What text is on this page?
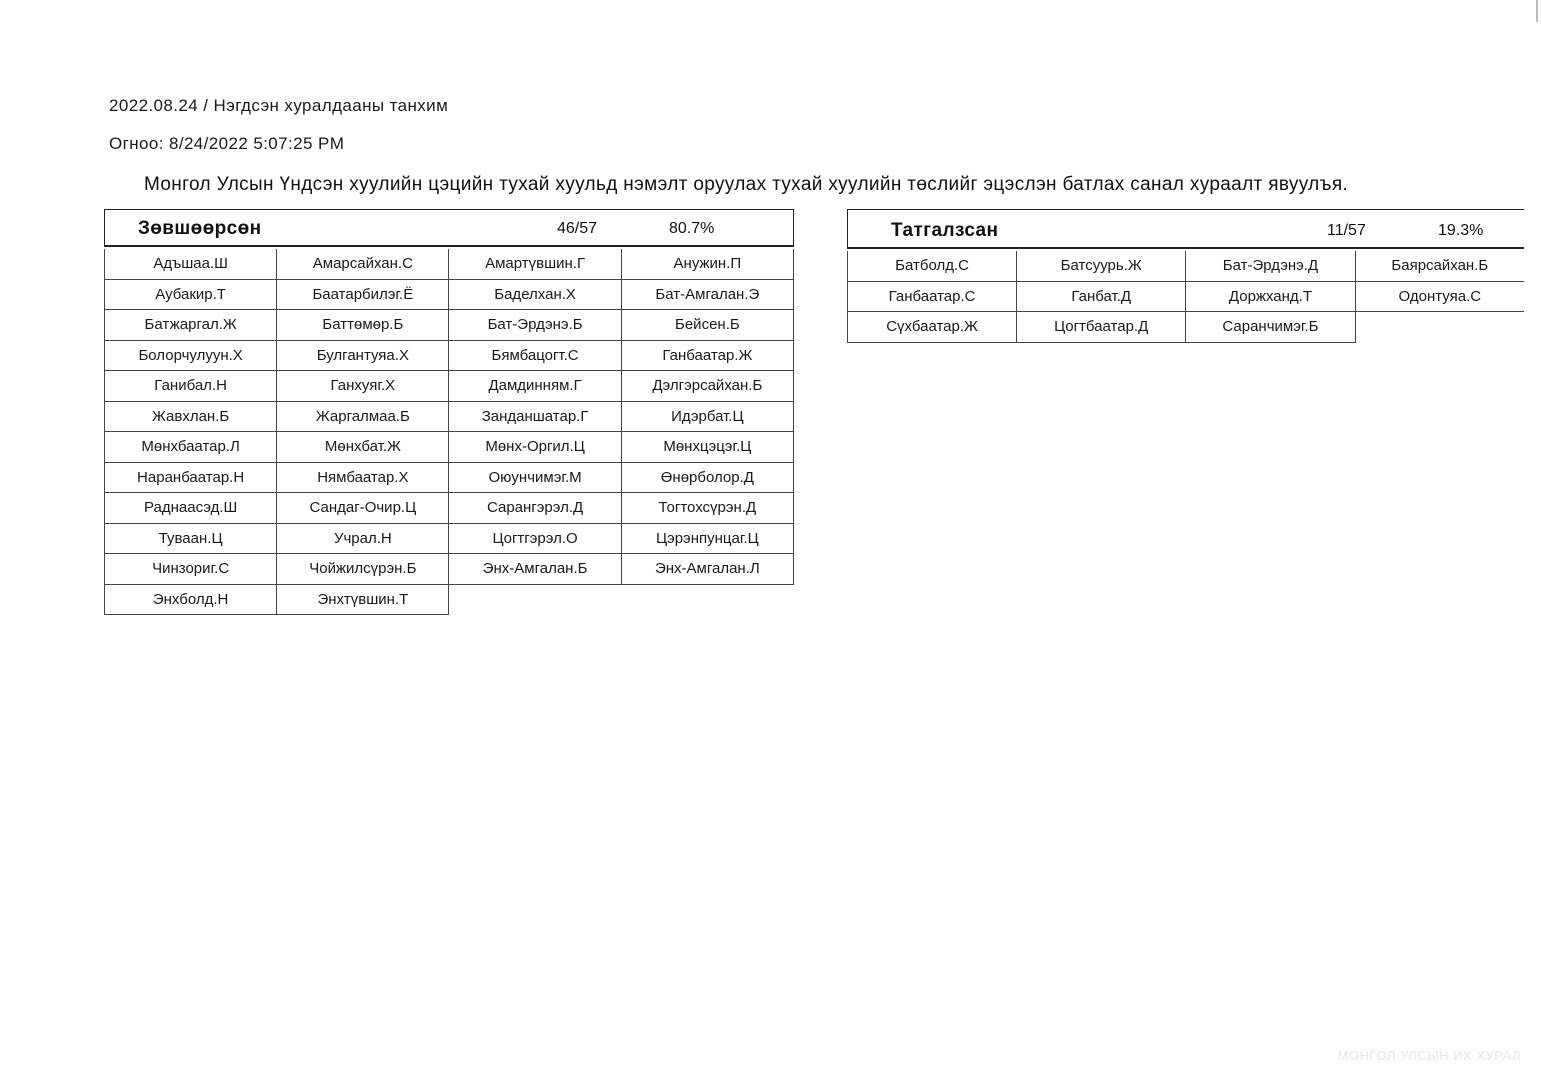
2022.08.24 / Нэгдсэн хуралдааны танхим
Огноо: 8/24/2022 5:07:25 PM
Монгол Улсын Үндсэн хуулийн цэцийн тухай хуульд нэмэлт оруулах тухай хуулийн төслийг эцэслэн батлах санал хураалт явуулъя.
Зөвшөөрсөн	46/57	80.7%
Адъшаа.Ш	Амарсайхан.С	Амартүвшин.Г	Анужин.П
Аубакир.Т	Баатарбилэг.Ё	Баделхан.Х	Бат-Амгалан.Э
Батжаргал.Ж	Баттөмөр.Б	Бат-Эрдэнэ.Б	Бейсен.Б
Болорчулуун.Х	Булгантуяа.Х	Бямбацогт.С	Ганбаатар.Ж
Ганибал.Н	Ганхуяг.Х	Дамдинням.Г	Дэлгэрсайхан.Б
Жавхлан.Б	Жаргалмаа.Б	Занданшатар.Г	Идэрбат.Ц
Мөнхбаатар.Л	Мөнхбат.Ж	Мөнх-Оргил.Ц	Мөнхцэцэг.Ц
Наранбаатар.Н	Нямбаатар.Х	Оюунчимэг.М	Өнөрболор.Д
Раднаасэд.Ш	Сандаг-Очир.Ц	Сарангэрэл.Д	Тогтохсүрэн.Д
Туваан.Ц	Учрал.Н	Цогтгэрэл.О	Цэрэнпунцаг.Ц
Чинзориг.С	Чойжилсүрэн.Б	Энх-Амгалан.Б	Энх-Амгалан.Л
Энхболд.Н	Энхтүвшин.Т		
Татгалзсан	11/57	19.3%
Батболд.С	Батсуурь.Ж	Бат-Эрдэнэ.Д	Баярсайхан.Б
Ганбаатар.С	Ганбат.Д	Доржханд.Т	Одонтуяа.С
Сүхбаатар.Ж	Цогтбаатар.Д	Саранчимэг.Б	
МОНГОЛ УЛСЫН ИХ ХУРАЛ
